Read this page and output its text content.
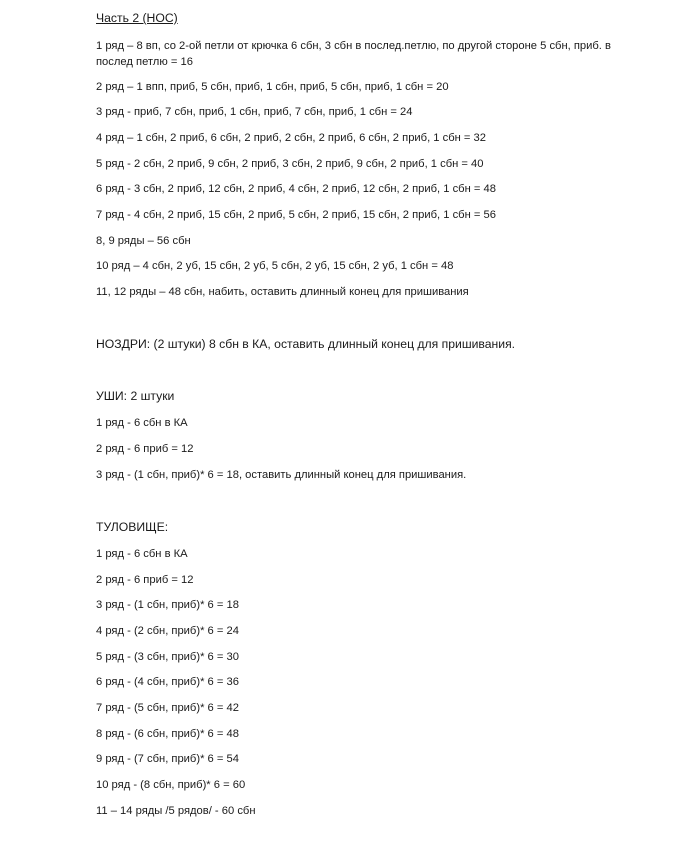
Часть 2 (НОС)
1 ряд – 8 вп, со 2-ой петли от крючка 6 сбн, 3 сбн в послед.петлю, по другой стороне 5 сбн, приб. в послед петлю = 16
2 ряд – 1 впп, приб, 5 сбн, приб, 1 сбн, приб, 5 сбн, приб, 1 сбн = 20
3 ряд - приб, 7 сбн, приб, 1 сбн, приб, 7 сбн, приб, 1 сбн = 24
4 ряд – 1 сбн, 2 приб, 6 сбн, 2 приб, 2 сбн, 2 приб, 6 сбн, 2 приб, 1 сбн = 32
5 ряд - 2 сбн, 2 приб, 9 сбн, 2 приб, 3 сбн, 2 приб, 9 сбн, 2 приб, 1 сбн = 40
6 ряд - 3 сбн, 2 приб, 12 сбн, 2 приб, 4 сбн, 2 приб, 12 сбн, 2 приб, 1 сбн = 48
7 ряд - 4 сбн, 2 приб, 15 сбн, 2 приб, 5 сбн, 2 приб, 15 сбн, 2 приб, 1 сбн = 56
8, 9 ряды – 56 сбн
10 ряд – 4 сбн, 2 уб, 15 сбн, 2 уб, 5 сбн, 2 уб, 15 сбн, 2 уб, 1 сбн = 48
11, 12 ряды – 48 сбн, набить, оставить длинный конец для пришивания
НОЗДРИ: (2 штуки) 8 сбн в КА, оставить длинный конец для пришивания.
УШИ: 2 штуки
1 ряд - 6 сбн в КА
2 ряд - 6 приб = 12
3 ряд - (1 сбн, приб)* 6 = 18, оставить длинный конец для пришивания.
ТУЛОВИЩЕ:
1 ряд - 6 сбн в КА
2 ряд - 6 приб = 12
3 ряд - (1 сбн, приб)* 6 = 18
4 ряд - (2 сбн, приб)* 6 = 24
5 ряд - (3 сбн, приб)* 6 = 30
6 ряд - (4 сбн, приб)* 6 = 36
7 ряд - (5 сбн, приб)* 6 = 42
8 ряд - (6 сбн, приб)* 6 = 48
9 ряд - (7 сбн, приб)* 6 = 54
10 ряд - (8 сбн, приб)* 6 = 60
11 – 14 ряды /5 рядов/ - 60 сбн
